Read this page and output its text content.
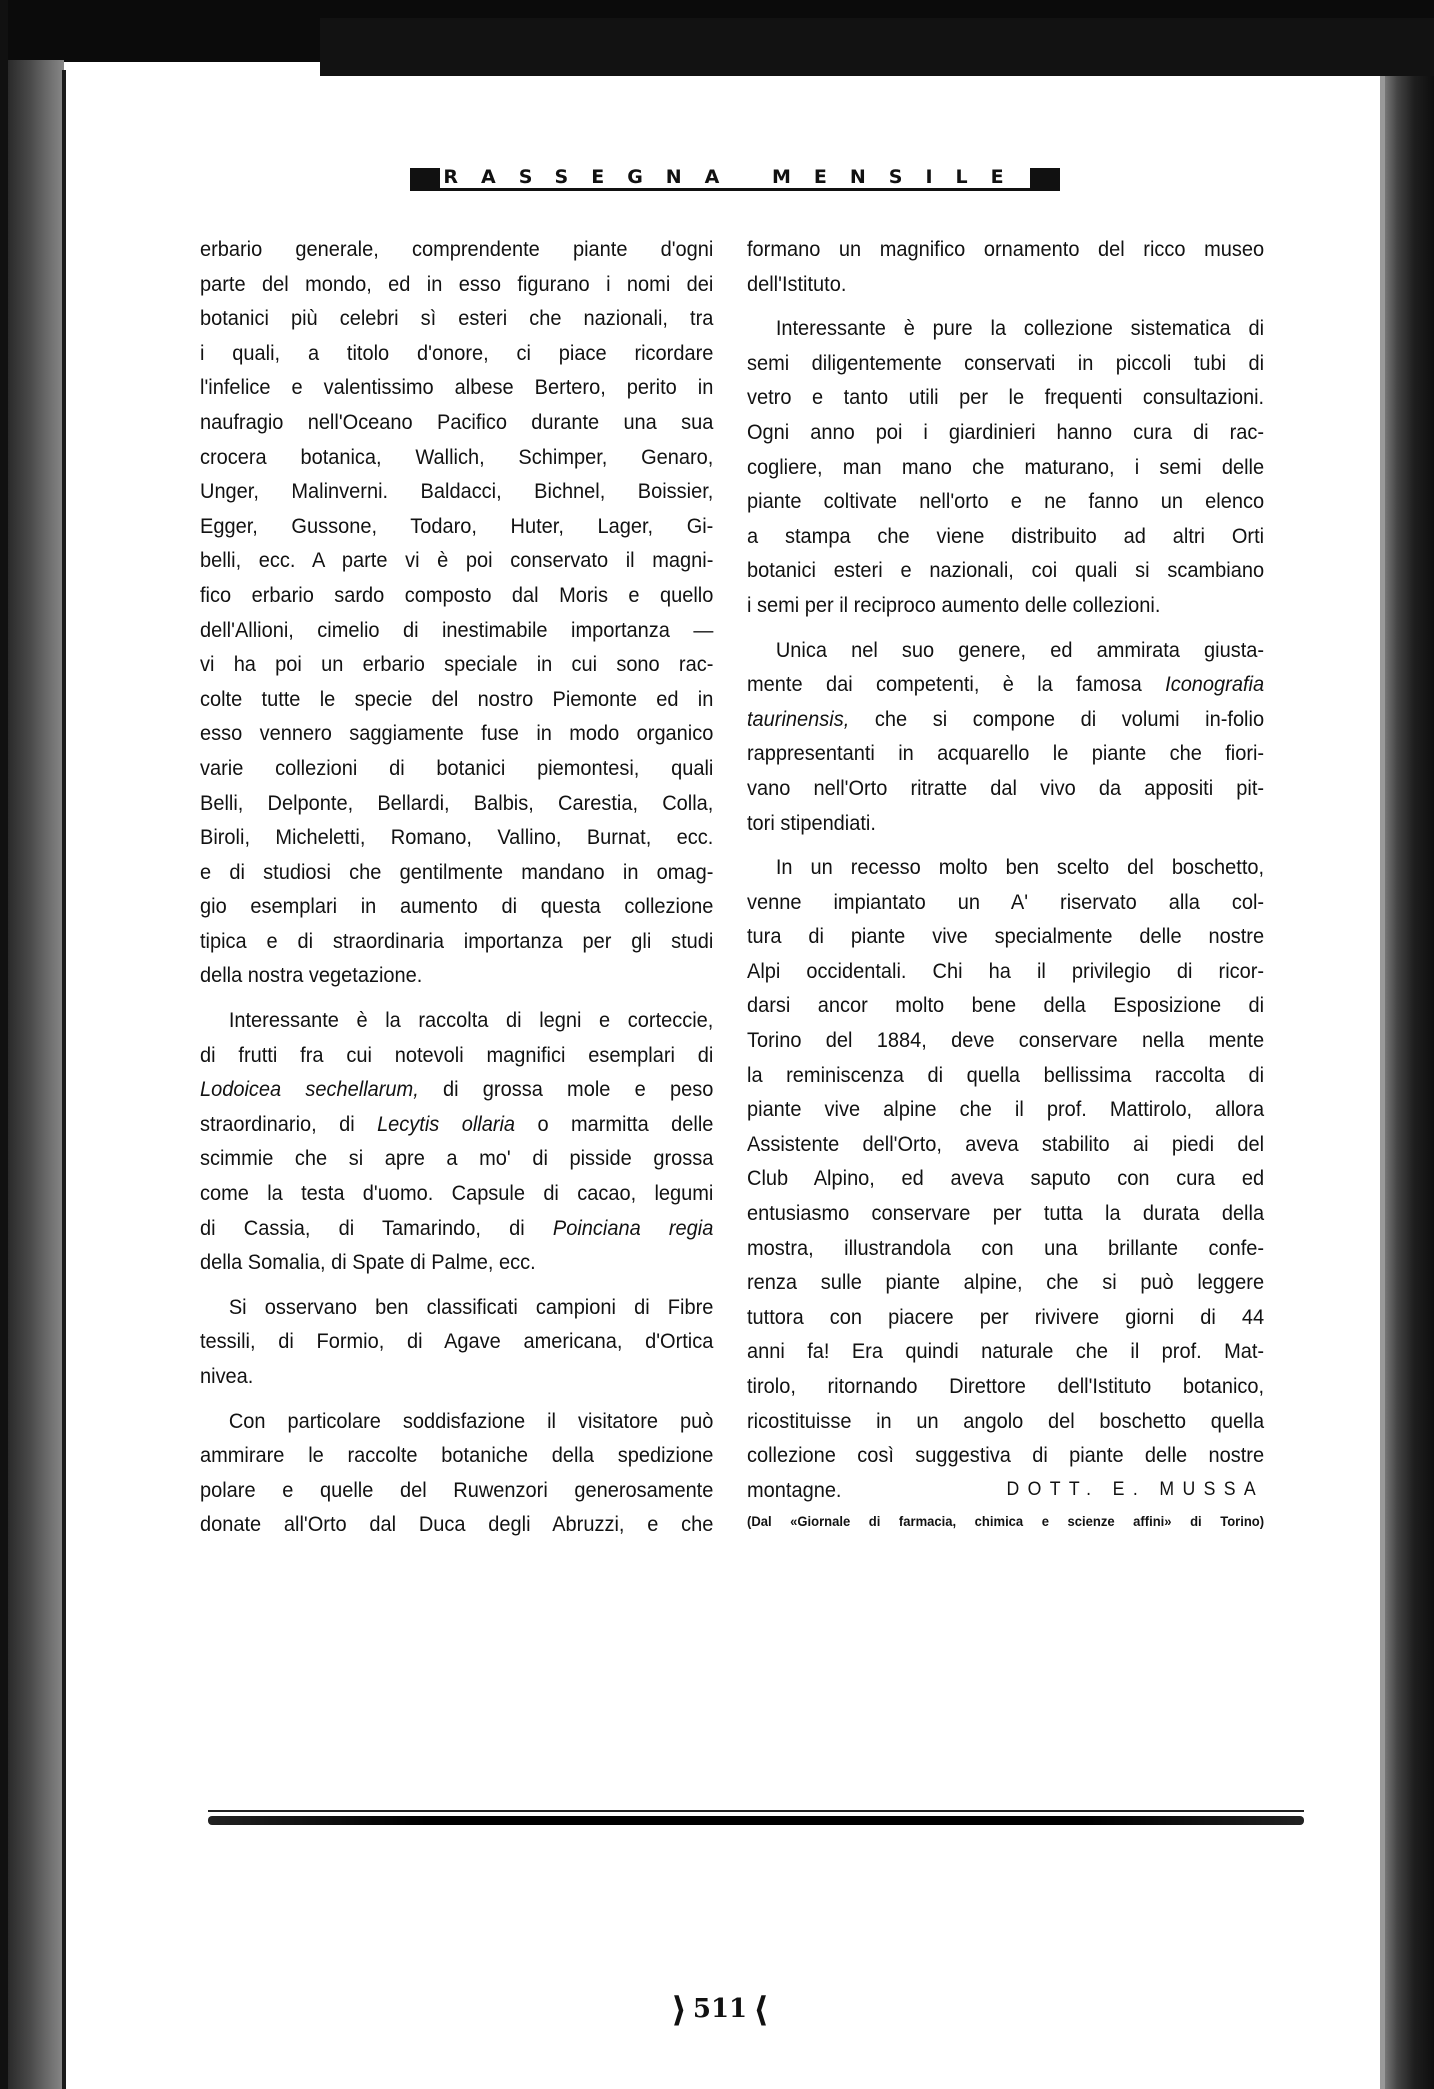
RASSEGNA MENSILE
erbario generale, comprendente piante d'ogni
parte del mondo, ed in esso figurano i nomi dei
botanici più celebri sì esteri che nazionali, tra
i quali, a titolo d'onore, ci piace ricordare
l'infelice e valentissimo albese Bertero, perito in
naufragio nell'Oceano Pacifico durante una sua
crocera botanica, Wallich, Schimper, Genaro,
Unger, Malinverni. Baldacci, Bichnel, Boissier,
Egger, Gussone, Todaro, Huter, Lager, Gi-
belli, ecc. A parte vi è poi conservato il magni-
fico erbario sardo composto dal Moris e quello
dell'Allioni, cimelio di inestimabile importanza —
vi ha poi un erbario speciale in cui sono rac-
colte tutte le specie del nostro Piemonte ed in
esso vennero saggiamente fuse in modo organico
varie collezioni di botanici piemontesi, quali
Belli, Delponte, Bellardi, Balbis, Carestia, Colla,
Biroli, Micheletti, Romano, Vallino, Burnat, ecc.
e di studiosi che gentilmente mandano in omag-
gio esemplari in aumento di questa collezione
tipica e di straordinaria importanza per gli studi
della nostra vegetazione.
Interessante è la raccolta di legni e corteccie,
di frutti fra cui notevoli magnifici esemplari di
Lodoicea sechellarum, di grossa mole e peso
straordinario, di Lecytis ollaria o marmitta delle
scimmie che si apre a mo' di pisside grossa
come la testa d'uomo. Capsule di cacao, legumi
di Cassia, di Tamarindo, di Poinciana regia
della Somalia, di Spate di Palme, ecc.
Si osservano ben classificati campioni di Fibre
tessili, di Formio, di Agave americana, d'Ortica
nivea.
Con particolare soddisfazione il visitatore può
ammirare le raccolte botaniche della spedizione
polare e quelle del Ruwenzori generosamente
donate all'Orto dal Duca degli Abruzzi, e che
formano un magnifico ornamento del ricco museo
dell'Istituto.
Interessante è pure la collezione sistematica di
semi diligentemente conservati in piccoli tubi di
vetro e tanto utili per le frequenti consultazioni.
Ogni anno poi i giardinieri hanno cura di rac-
cogliere, man mano che maturano, i semi delle
piante coltivate nell'orto e ne fanno un elenco
a stampa che viene distribuito ad altri Orti
botanici esteri e nazionali, coi quali si scambiano
i semi per il reciproco aumento delle collezioni.
Unica nel suo genere, ed ammirata giusta-
mente dai competenti, è la famosa Iconografia
taurinensis, che si compone di volumi in-folio
rappresentanti in acquarello le piante che fiori-
vano nell'Orto ritratte dal vivo da appositi pit-
tori stipendiati.
In un recesso molto ben scelto del boschetto,
venne impiantato un A' riservato alla col-
tura di piante vive specialmente delle nostre
Alpi occidentali. Chi ha il privilegio di ricor-
darsi ancor molto bene della Esposizione di
Torino del 1884, deve conservare nella mente
la reminiscenza di quella bellissima raccolta di
piante vive alpine che il prof. Mattirolo, allora
Assistente dell'Orto, aveva stabilito ai piedi del
Club Alpino, ed aveva saputo con cura ed
entusiasmo conservare per tutta la durata della
mostra, illustrandola con una brillante confe-
renza sulle piante alpine, che si può leggere
tuttora con piacere per rivivere giorni di 44
anni fa! Era quindi naturale che il prof. Mat-
tirolo, ritornando Direttore dell'Istituto botanico,
ricostituisse in un angolo del boschetto quella
collezione così suggestiva di piante delle nostre
montagne.	DOTT. E. MUSSA
(Dal «Giornale di farmacia, chimica e scienze affini» di Torino)
⟩ 511 ⟨
